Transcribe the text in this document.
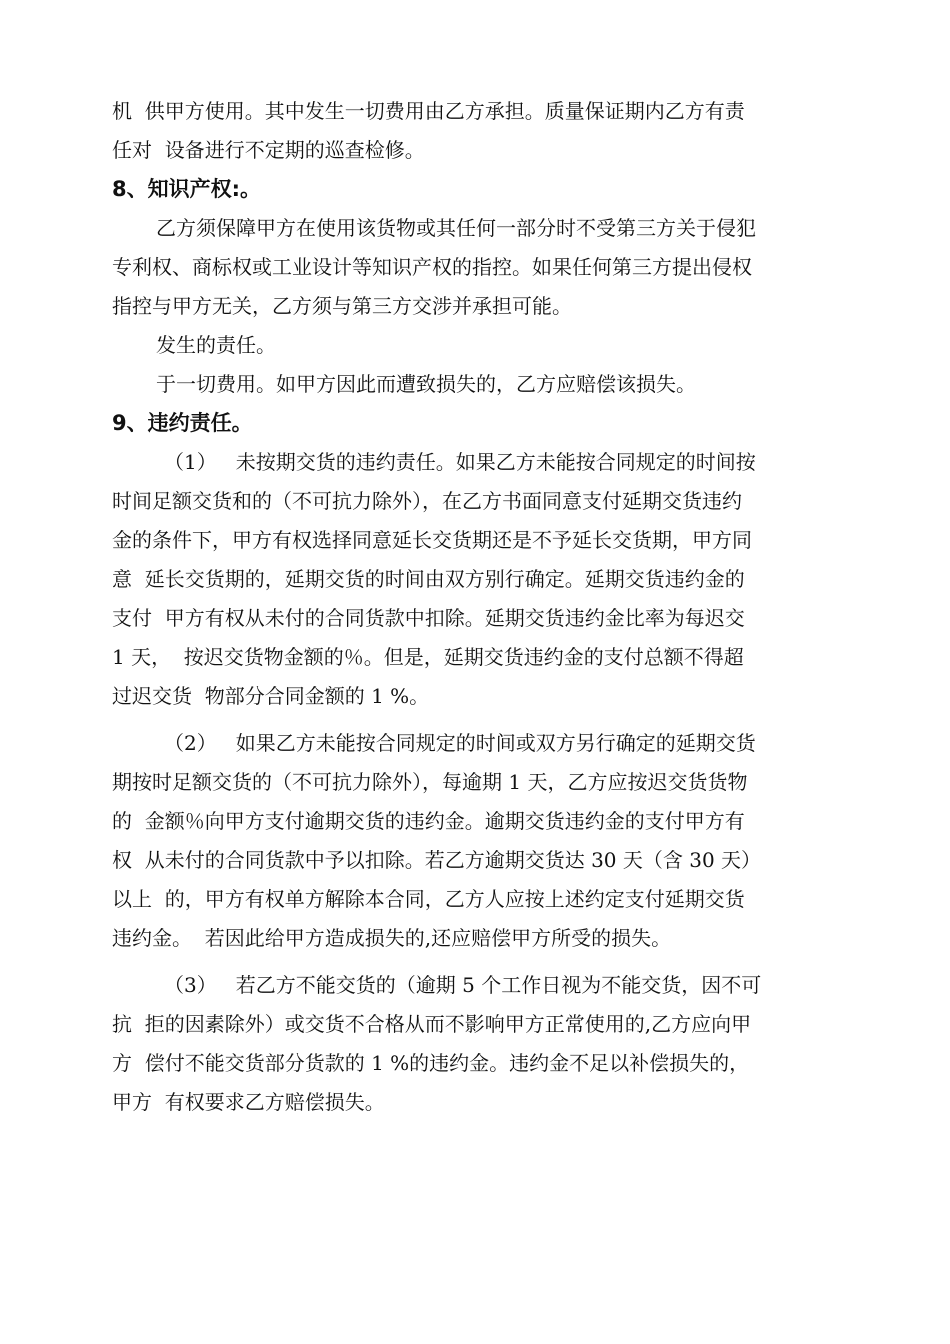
机  供甲方使用。其中发生一切费用由乙方承担。质量保证期内乙方有责
任对  设备进行不定期的巡查检修。
8、知识产权:。
乙方须保障甲方在使用该货物或其任何一部分时不受第三方关于侵犯
专利权、商标权或工业设计等知识产权的指控。如果任何第三方提出侵权
指控与甲方无关，乙方须与第三方交涉并承担可能。
发生的责任。
于一切费用。如甲方因此而遭致损失的，乙方应赔偿该损失。
9、违约责任。
（1）   未按期交货的违约责任。如果乙方未能按合同规定的时间按
时间足额交货和的（不可抗力除外），在乙方书面同意支付延期交货违约
金的条件下，甲方有权选择同意延长交货期还是不予延长交货期，甲方同
意  延长交货期的，延期交货的时间由双方别行确定。延期交货违约金的
支付  甲方有权从未付的合同货款中扣除。延期交货违约金比率为每迟交
1 天，  按迟交货物金额的％。但是，延期交货违约金的支付总额不得超
过迟交货  物部分合同金额的 1 %。
（2）   如果乙方未能按合同规定的时间或双方另行确定的延期交货
期按时足额交货的（不可抗力除外），每逾期 1 天，乙方应按迟交货货物
的  金额％向甲方支付逾期交货的违约金。逾期交货违约金的支付甲方有
权  从未付的合同货款中予以扣除。若乙方逾期交货达 30 天（含 30 天）
以上  的，甲方有权单方解除本合同，乙方人应按上述约定支付延期交货
违约金。  若因此给甲方造成损失的,还应赔偿甲方所受的损失。
（3）   若乙方不能交货的（逾期 5 个工作日视为不能交货，因不可
抗  拒的因素除外）或交货不合格从而不影响甲方正常使用的,乙方应向甲
方  偿付不能交货部分货款的 1 %的违约金。违约金不足以补偿损失的，
甲方  有权要求乙方赔偿损失。
